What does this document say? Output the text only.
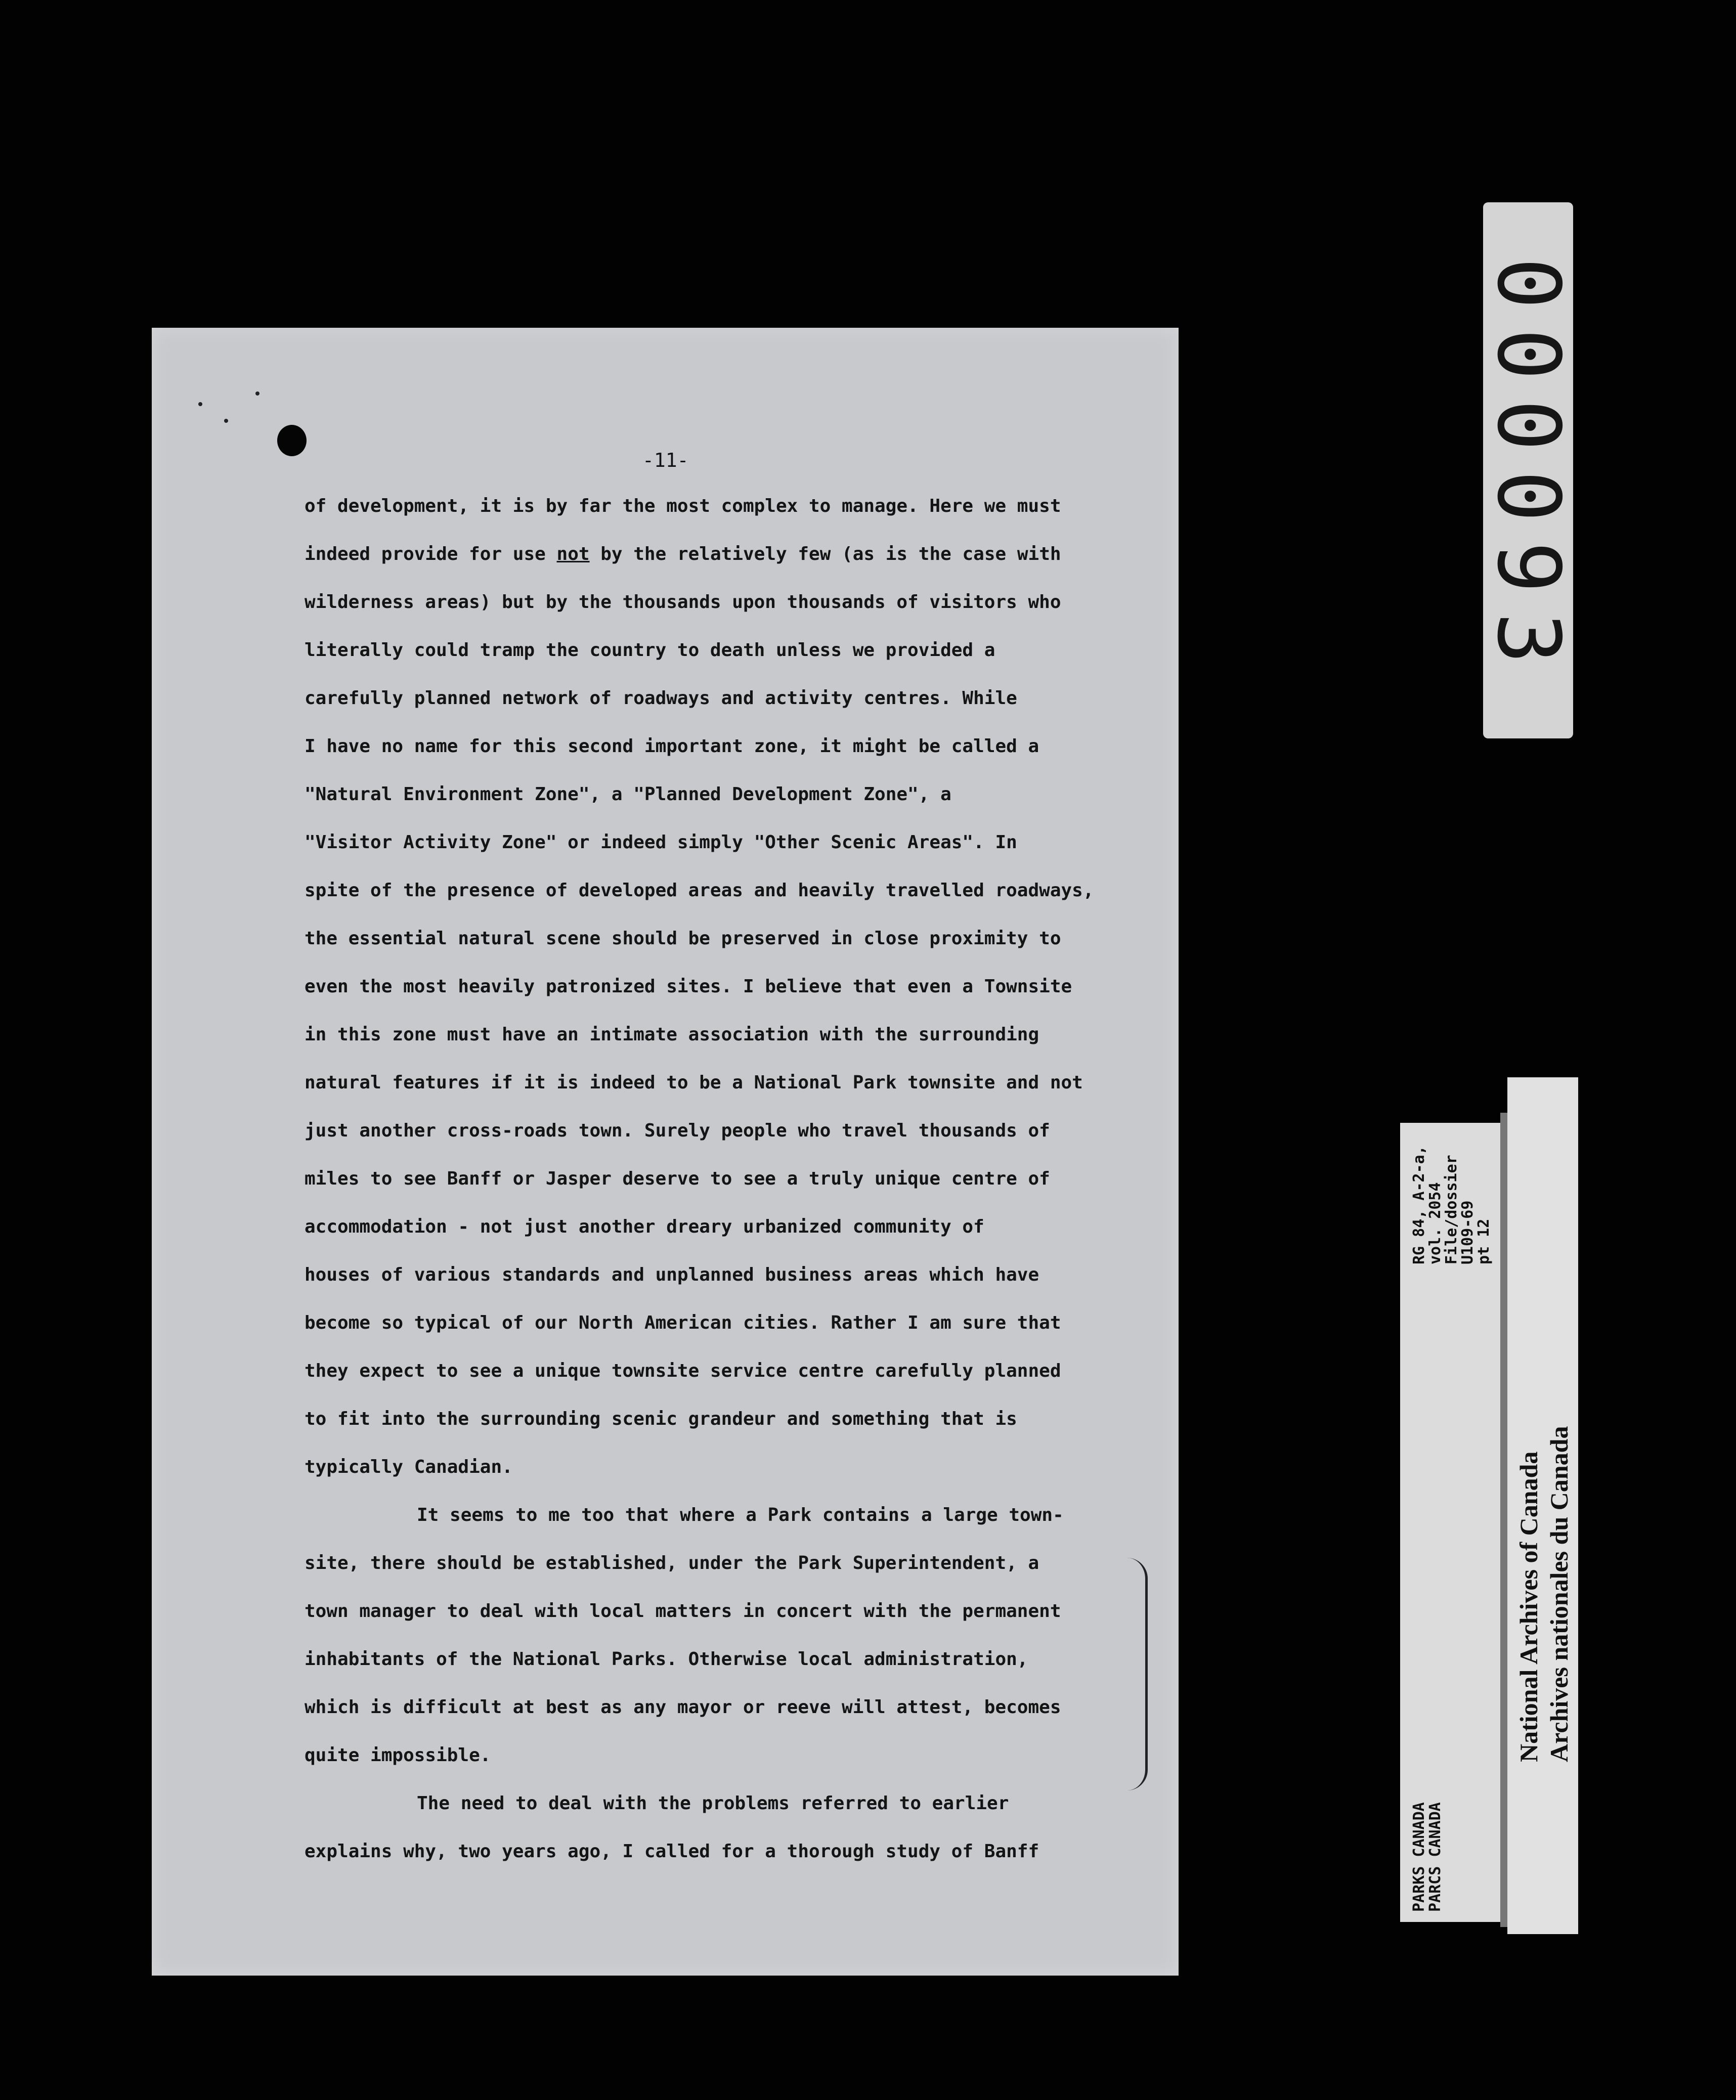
-11-
of development, it is by far the most complex to manage. Here we must
indeed provide for use not by the relatively few (as is the case with
wilderness areas) but by the thousands upon thousands of visitors who
literally could tramp the country to death unless we provided a
carefully planned network of roadways and activity centres. While
I have no name for this second important zone, it might be called a
"Natural Environment Zone", a "Planned Development Zone", a
"Visitor Activity Zone" or indeed simply "Other Scenic Areas". In
spite of the presence of developed areas and heavily travelled roadways,
the essential natural scene should be preserved in close proximity to
even the most heavily patronized sites. I believe that even a Townsite
in this zone must have an intimate association with the surrounding
natural features if it is indeed to be a National Park townsite and not
just another cross-roads town. Surely people who travel thousands of
miles to see Banff or Jasper deserve to see a truly unique centre of
accommodation - not just another dreary urbanized community of
houses of various standards and unplanned business areas which have
become so typical of our North American cities. Rather I am sure that
they expect to see a unique townsite service centre carefully planned
to fit into the surrounding scenic grandeur and something that is
typically Canadian.
It seems to me too that where a Park contains a large town-
site, there should be established, under the Park Superintendent, a
town manager to deal with local matters in concert with the permanent
inhabitants of the National Parks. Otherwise local administration,
which is difficult at best as any mayor or reeve will attest, becomes
quite impossible.
The need to deal with the problems referred to earlier
explains why, two years ago, I called for a thorough study of Banff
000093
PARKS CANADA
PARCS CANADA
RG 84, A-2-a, vol. 2054
File/dossier U109-69
pt 12
National Archives of Canada Archives nationales du Canada
